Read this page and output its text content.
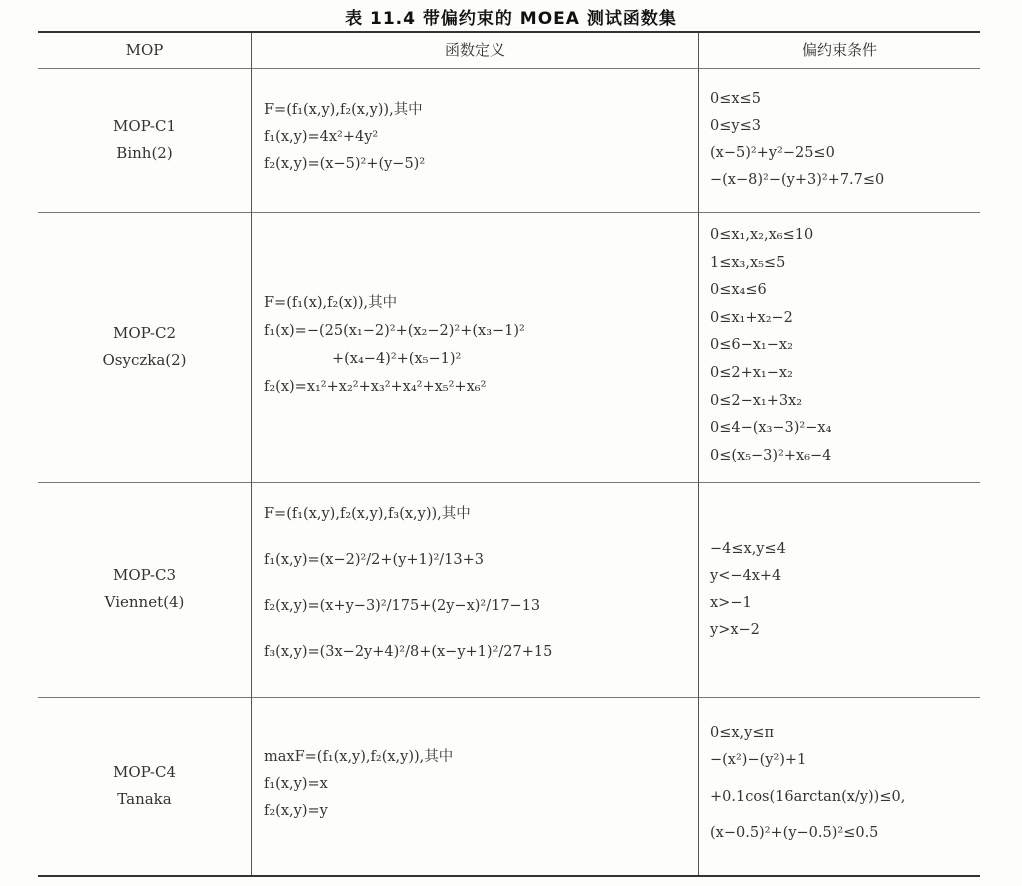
表 11.4 带偏约束的 MOEA 测试函数集
MOP	函数定义	偏约束条件
MOP-C1
Binh(2)
F=(f₁(x,y),f₂(x,y)),其中
f₁(x,y)=4x²+4y²
f₂(x,y)=(x−5)²+(y−5)²
0≤x≤5
0≤y≤3
(x−5)²+y²−25≤0
−(x−8)²−(y+3)²+7.7≤0
MOP-C2
Osyczka(2)
F=(f₁(x),f₂(x)),其中
f₁(x)=−(25(x₁−2)²+(x₂−2)²+(x₃−1)²
+(x₄−4)²+(x₅−1)²
f₂(x)=x₁²+x₂²+x₃²+x₄²+x₅²+x₆²
0≤x₁,x₂,x₆≤10
1≤x₃,x₅≤5
0≤x₄≤6
0≤x₁+x₂−2
0≤6−x₁−x₂
0≤2+x₁−x₂
0≤2−x₁+3x₂
0≤4−(x₃−3)²−x₄
0≤(x₅−3)²+x₆−4
MOP-C3
Viennet(4)
F=(f₁(x,y),f₂(x,y),f₃(x,y)),其中
f₁(x,y)=(x−2)²/2+(y+1)²/13+3
f₂(x,y)=(x+y−3)²/175+(2y−x)²/17−13
f₃(x,y)=(3x−2y+4)²/8+(x−y+1)²/27+15
−4≤x,y≤4
y<−4x+4
x>−1
y>x−2
MOP-C4
Tanaka
maxF=(f₁(x,y),f₂(x,y)),其中
f₁(x,y)=x
f₂(x,y)=y
0≤x,y≤π
−(x²)−(y²)+1
+0.1cos(16arctan(x/y))≤0,
(x−0.5)²+(y−0.5)²≤0.5
